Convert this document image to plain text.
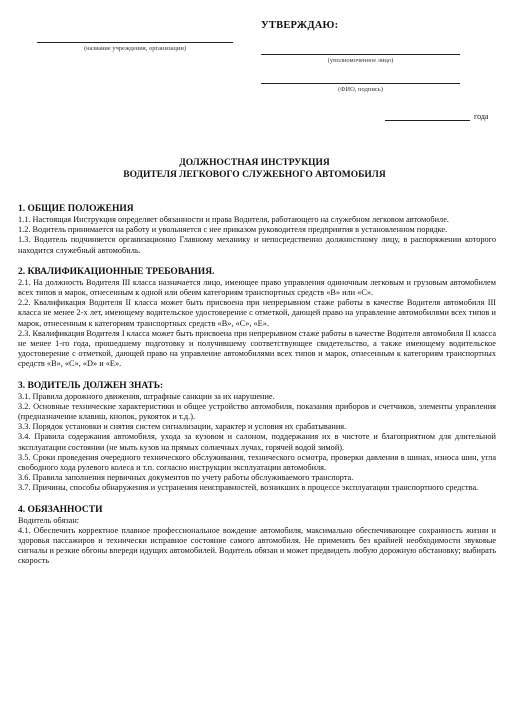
УТВЕРЖДАЮ:
(название учреждения, организации)
(уполномоченное лицо)
(ФИО, подпись)
года
ДОЛЖНОСТНАЯ ИНСТРУКЦИЯ
ВОДИТЕЛЯ ЛЕГКОВОГО СЛУЖЕБНОГО АВТОМОБИЛЯ
1. ОБЩИЕ ПОЛОЖЕНИЯ

1.1. Настоящая Инструкция определяет обязанности и права Водителя, работающего на служебном легковом автомобиле.

1.2. Водитель принимается на работу и увольняется с нее приказом руководителя предприятия в установленном порядке.

1.3. Водитель подчиняется организационно Главному механику и непосредственно должностному лицу, в распоряжении которого находится служебный автомобиль.

2. КВАЛИФИКАЦИОННЫЕ ТРЕБОВАНИЯ.

2.1. На должность Водителя III класса назначается лицо, имеющее право управления одиночным легковым и грузовым автомобилем всех типов и марок, отнесенным к одной или обеим категориям транспортных средств «В» или «С».

2.2. Квалификация Водителя II класса может быть присвоена при непрерывном стаже работы в качестве Водителя автомобиля III класса не менее 2-х лет, имеющему водительское удостоверение с отметкой, дающей право на управление автомобилями всех типов и марок, отнесенным к категориям транспортных средств «В», «С», «Е».

2.3. Квалификация Водителя I класса может быть присвоена при непрерывном стаже работы в качестве Водителя автомобиля II класса не менее 1-го года, прошедшему подготовку и получившему соответствующее свидетельство, а также имеющему водительское удостоверение с отметкой, дающей право на управление автомобилями всех типов и марок, отнесенным к категориям транспортных средств «В», «С», «D» и «Е».

3. ВОДИТЕЛЬ ДОЛЖЕН ЗНАТЬ:

3.1. Правила дорожного движения, штрафные санкции за их нарушение.

3.2. Основные технические характеристики и общее устройство автомобиля, показания приборов и счетчиков, элементы управления (предназначение клавиш, кнопок, рукояток и т.д.).

3.3. Порядок установки и снятия систем сигнализации, характер и условия их срабатывания.

3.4. Правила содержания автомобиля, ухода за кузовом и салоном, поддержания их в чистоте и благоприятном для длительной эксплуатации состоянии (не мыть кузов на прямых солнечных лучах, горячей водой зимой).

3.5. Сроки проведения очередного технического обслуживания, технического осмотра, проверки давления в шинах, износа шин, угла свободного хода рулевого колеса и т.п. согласно инструкции эксплуатации автомобиля.

3.6. Правила заполнения первичных документов по учету работы обслуживаемого транспорта.

3.7. Причины, способы обнаружения и устранения неисправностей, возникших в процессе эксплуатации транспортного средства.

4. ОБЯЗАННОСТИ

Водитель обязан:

4.1. Обеспечить корректное плавное профессиональное вождение автомобиля, максимально обеспечивающее сохранность жизни и здоровья пассажиров и технически исправное состояние самого автомобиля. Не применять без крайней необходимости звуковые сигналы и резкие обгоны впереди идущих автомобилей. Водитель обязан и может предвидеть любую дорожную обстановку; выбирать скорость
